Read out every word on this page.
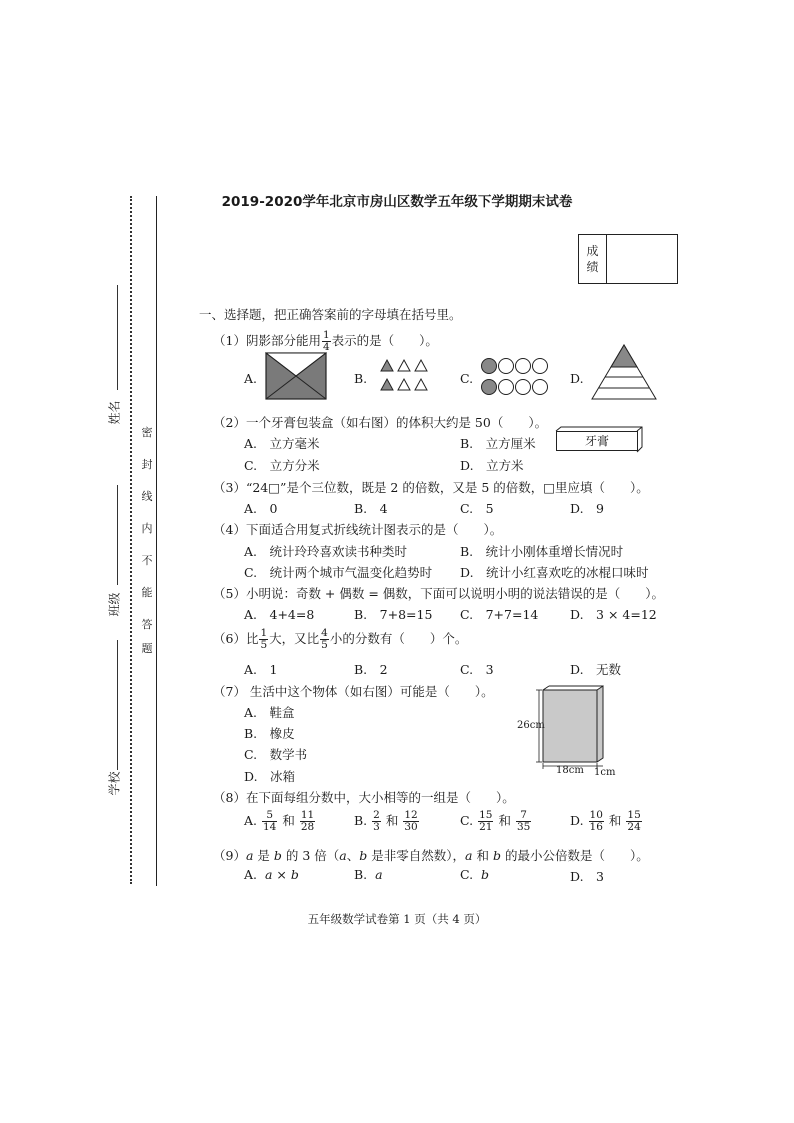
2019-2020学年北京市房山区数学五年级下学期期末试卷
成
绩
姓名
班级
学校
密
封
线
内
不
能
答
题
一、选择题，把正确答案前的字母填在括号里。
（1）阴影部分能用 $\frac{1}{4}$ 表示的是（　　）。
A.	B.	C.	D.
（2）一个牙膏包装盒（如右图）的体积大约是 50（　　）。
A.　立方毫米	B.　立方厘米
C.　立方分米	D.　立方米
牙膏
（3）“24□”是个三位数，既是 2 的倍数，又是 5 的倍数，□里应填（　　）。
A.　0	B.　4	C.　5	D.　9
（4）下面适合用复式折线统计图表示的是（　　）。
A.　统计玲玲喜欢读书种类时	B.　统计小刚体重增长情况时
C.　统计两个城市气温变化趋势时 D.　统计小红喜欢吃的冰棍口味时
（5）小明说：奇数 + 偶数 = 偶数，下面可以说明小明的说法错误的是（　　）。
A.　4+4=8	B.　7+8=15 C.　7+7=14	D.　3 × 4=12
（6）比 $\frac{1}{5}$ 大，又比 $\frac{4}{5}$ 小的分数有（　　）个。
A.　1	B.　2	C.　3	D.　无数
（7） 生活中这个物体（如右图）可能是（　　）。
A.　鞋盒
B.　橡皮
C.　数学书
D.　冰箱
26cm
18cm 1cm
（8）在下面每组分数中，大小相等的一组是（　　）。
A. $\frac{5}{14}$ 和 $\frac{11}{28}$	B. $\frac{2}{3}$ 和 $\frac{12}{30}$	C. $\frac{15}{21}$ 和 $\frac{7}{35}$	D. $\frac{10}{16}$ 和 $\frac{15}{24}$
（9）a 是 b 的 3 倍（a、b 是非零自然数），a 和 b 的最小公倍数是（　　）。
A. a × b	B. a	C. b	D.　3
五年级数学试卷第 1 页（共 4 页）
